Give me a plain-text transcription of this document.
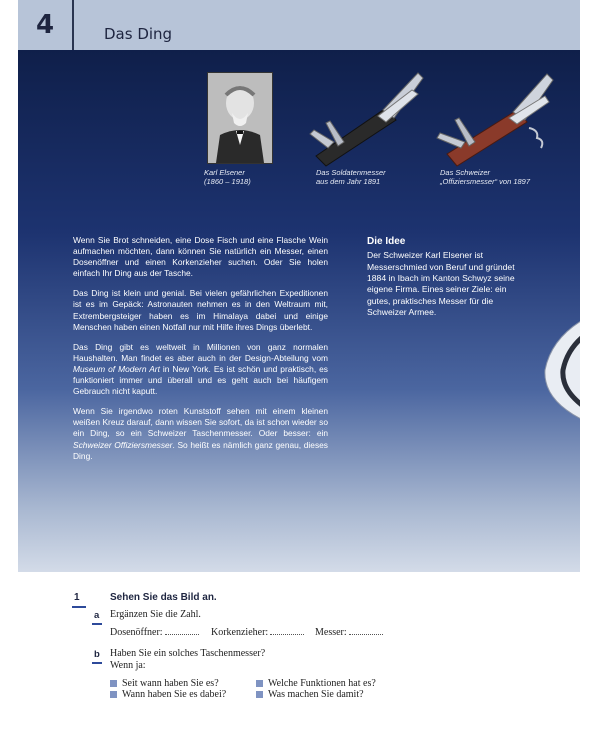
4	Das Ding
Karl Elsener
(1860 – 1918)
Das Soldatenmesser
aus dem Jahr 1891
Das Schweizer
„Offiziersmesser“ von 1897

Wenn Sie Brot schneiden, eine Dose Fisch und eine Flasche Wein aufmachen möchten, dann können Sie natürlich ein Messer, einen Dosenöffner und einen Korkenzieher suchen. Oder Sie holen einfach Ihr Ding aus der Tasche.

Das Ding ist klein und genial. Bei vielen gefährlichen Expeditionen ist es im Gepäck: Astronauten nehmen es in den Weltraum mit, Extrembergsteiger haben es im Himalaya dabei und einige Menschen haben einen Notfall nur mit Hilfe ihres Dings überlebt.

Das Ding gibt es weltweit in Millionen von ganz normalen Haushalten. Man findet es aber auch in der Design-Abteilung vom Museum of Modern Art in New York. Es ist schön und praktisch, es funktioniert immer und überall und es geht auch bei häufigem Gebrauch nicht kaputt.

Wenn Sie irgendwo roten Kunststoff sehen mit einem kleinen weißen Kreuz darauf, dann wissen Sie sofort, da ist schon wieder so ein Ding, so ein Schweizer Taschenmesser. Oder besser: ein Schweizer Offiziersmesser. So heißt es nämlich ganz genau, dieses Ding.

Die Idee
Der Schweizer Karl Elsener ist Messerschmied von Beruf und gründet 1884 in Ibach im Kanton Schwyz seine eigene Firma. Eines seiner Ziele: ein gutes, praktisches Messer für die Schweizer Armee.
1	Sehen Sie das Bild an.
a Ergänzen Sie die Zahl.
Dosenöffner:	Korkenzieher:	Messer:
b Haben Sie ein solches Taschenmesser?
Wenn ja:
Seit wann haben Sie es?
Wann haben Sie es dabei?
Welche Funktionen hat es?
Was machen Sie damit?
